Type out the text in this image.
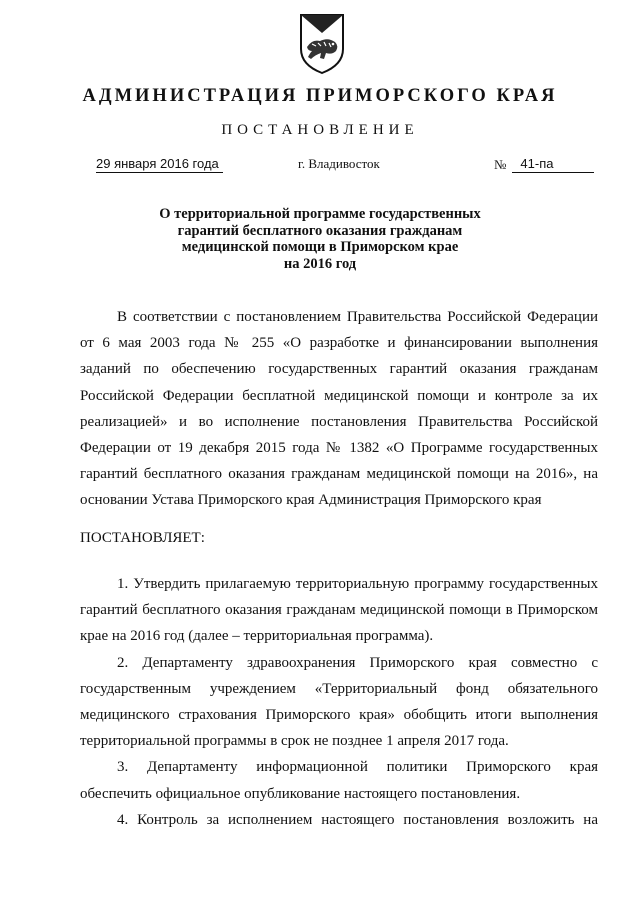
АДМИНИСТРАЦИЯ ПРИМОРСКОГО КРАЯ
ПОСТАНОВЛЕНИЕ
29 января 2016 года	г. Владивосток	№	41-па
О территориальной программе государственных
гарантий бесплатного оказания гражданам
медицинской помощи в Приморском крае
на 2016 год
В соответствии с постановлением Правительства Российской Федерации
от 6 мая 2003 года № 255 «О разработке и финансировании выполнения
заданий по обеспечению государственных гарантий оказания гражданам
Российской Федерации бесплатной медицинской помощи и контроле за их
реализацией» и во исполнение постановления Правительства Российской
Федерации от 19 декабря 2015 года № 1382 «О Программе государственных
гарантий бесплатного оказания гражданам медицинской помощи на 2016», на
основании Устава Приморского края Администрация Приморского края
ПОСТАНОВЛЯЕТ:
1. Утвердить прилагаемую территориальную программу государственных
гарантий бесплатного оказания гражданам медицинской помощи в Приморском
крае на 2016 год (далее – территориальная программа).
2. Департаменту здравоохранения Приморского края совместно с
государственным учреждением «Территориальный фонд обязательного
медицинского страхования Приморского края» обобщить итоги выполнения
территориальной программы в срок не позднее 1 апреля 2017 года.
3. Департаменту информационной политики Приморского края
обеспечить официальное опубликование настоящего постановления.
4. Контроль за исполнением настоящего постановления возложить на
